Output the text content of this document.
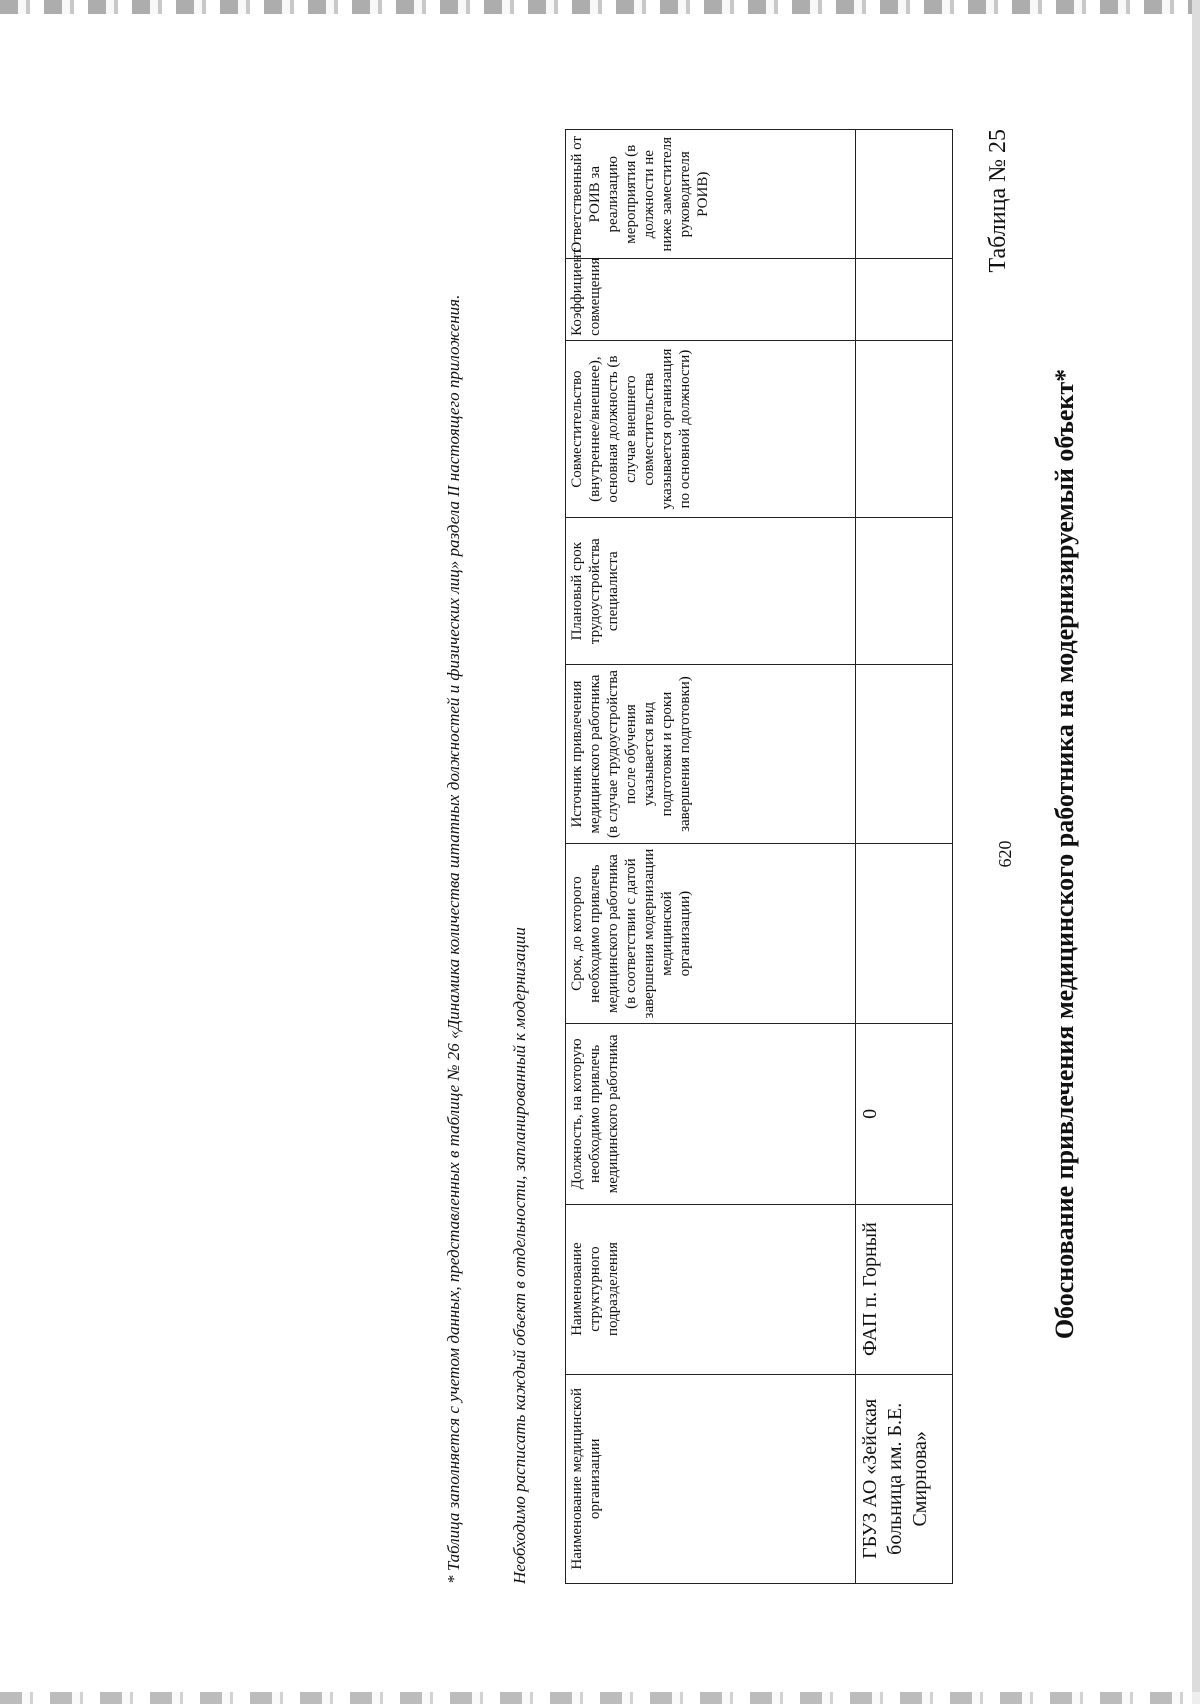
620
Таблица № 25
Обоснование привлечения медицинского работника на модернизируемый объект*
Наименование медицинской организации	Наименование структурного подразделения	Должность, на которую необходимо привлечь медицинского работника	Срок, до которого необходимо привлечь медицинского работника (в соответствии с датой завершения модернизации медицинской организации)	Источник привлечения медицинского работника (в случае трудоустройства после обучения указывается вид подготовки и сроки завершения подготовки)	Плановый срок трудоустройства специалиста	Совместительство (внутреннее/внешнее), основная должность (в случае внешнего совместительства указывается организация по основной должности)	Коэффициент совмещения	Ответственный от РОИВ за реализацию мероприятия (в должности не ниже заместителя руководителя РОИВ)
ГБУЗ АО «Зейская больница им. Б.Е. Смирнова»	ФАП п. Горный	0						
Необходимо расписать каждый объект в отдельности, запланированный к модернизации
* Таблица заполняется с учетом данных, представленных в таблице № 26 «Динамика количества штатных должностей и физических лиц» раздела II настоящего приложения.
